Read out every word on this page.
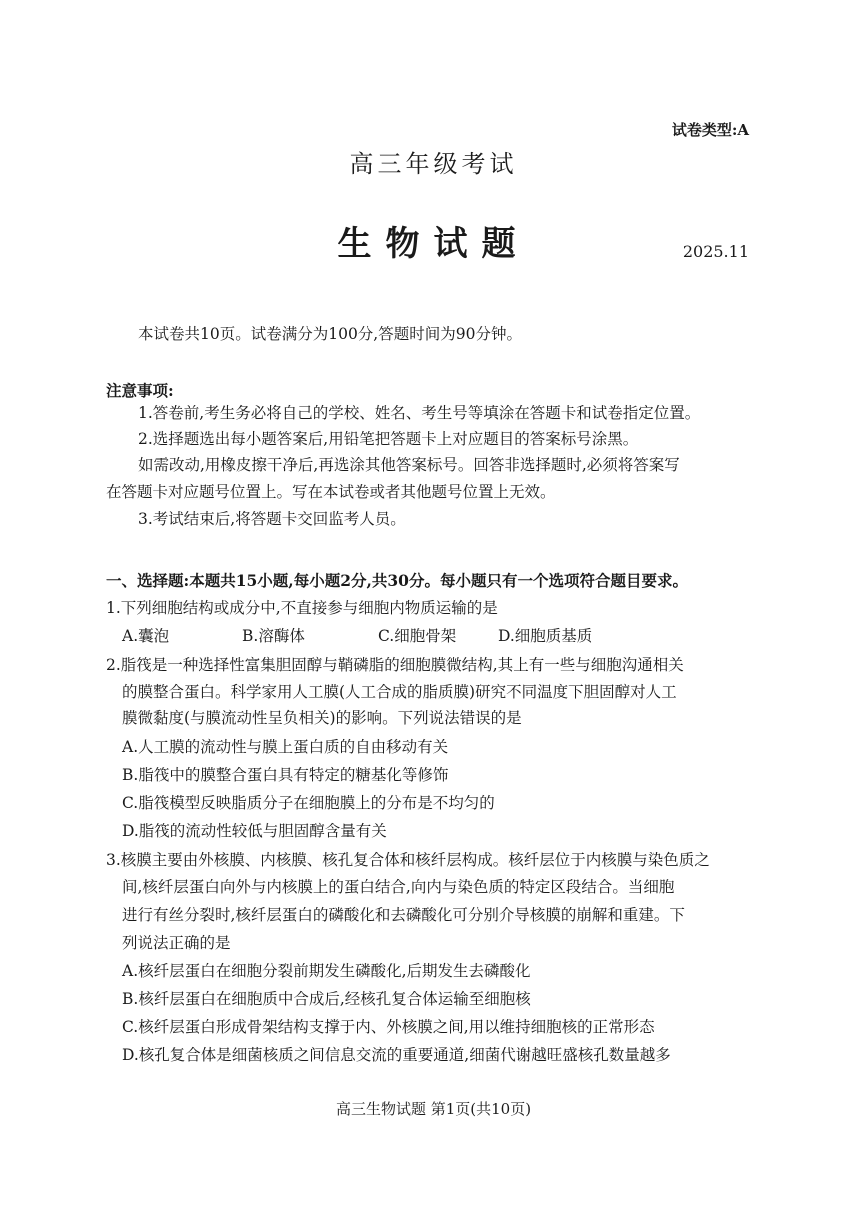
试卷类型:A
高三年级考试
生物试题	2025.11
本试卷共10页。试卷满分为100分,答题时间为90分钟。
注意事项:
1.答卷前,考生务必将自己的学校、姓名、考生号等填涂在答题卡和试卷指定位置。
2.选择题选出每小题答案后,用铅笔把答题卡上对应题目的答案标号涂黑。
如需改动,用橡皮擦干净后,再选涂其他答案标号。回答非选择题时,必须将答案写
在答题卡对应题号位置上。写在本试卷或者其他题号位置上无效。
3.考试结束后,将答题卡交回监考人员。
一、选择题:本题共15小题,每小题2分,共30分。每小题只有一个选项符合题目要求。
1.下列细胞结构或成分中,不直接参与细胞内物质运输的是
A.囊泡	B.溶酶体	C.细胞骨架	D.细胞质基质
2.脂筏是一种选择性富集胆固醇与鞘磷脂的细胞膜微结构,其上有一些与细胞沟通相关
的膜整合蛋白。科学家用人工膜(人工合成的脂质膜)研究不同温度下胆固醇对人工
膜微黏度(与膜流动性呈负相关)的影响。下列说法错误的是
A.人工膜的流动性与膜上蛋白质的自由移动有关
B.脂筏中的膜整合蛋白具有特定的糖基化等修饰
C.脂筏模型反映脂质分子在细胞膜上的分布是不均匀的
D.脂筏的流动性较低与胆固醇含量有关
3.核膜主要由外核膜、内核膜、核孔复合体和核纤层构成。核纤层位于内核膜与染色质之
间,核纤层蛋白向外与内核膜上的蛋白结合,向内与染色质的特定区段结合。当细胞
进行有丝分裂时,核纤层蛋白的磷酸化和去磷酸化可分别介导核膜的崩解和重建。下
列说法正确的是
A.核纤层蛋白在细胞分裂前期发生磷酸化,后期发生去磷酸化
B.核纤层蛋白在细胞质中合成后,经核孔复合体运输至细胞核
C.核纤层蛋白形成骨架结构支撑于内、外核膜之间,用以维持细胞核的正常形态
D.核孔复合体是细菌核质之间信息交流的重要通道,细菌代谢越旺盛核孔数量越多
高三生物试题 第1页(共10页)
